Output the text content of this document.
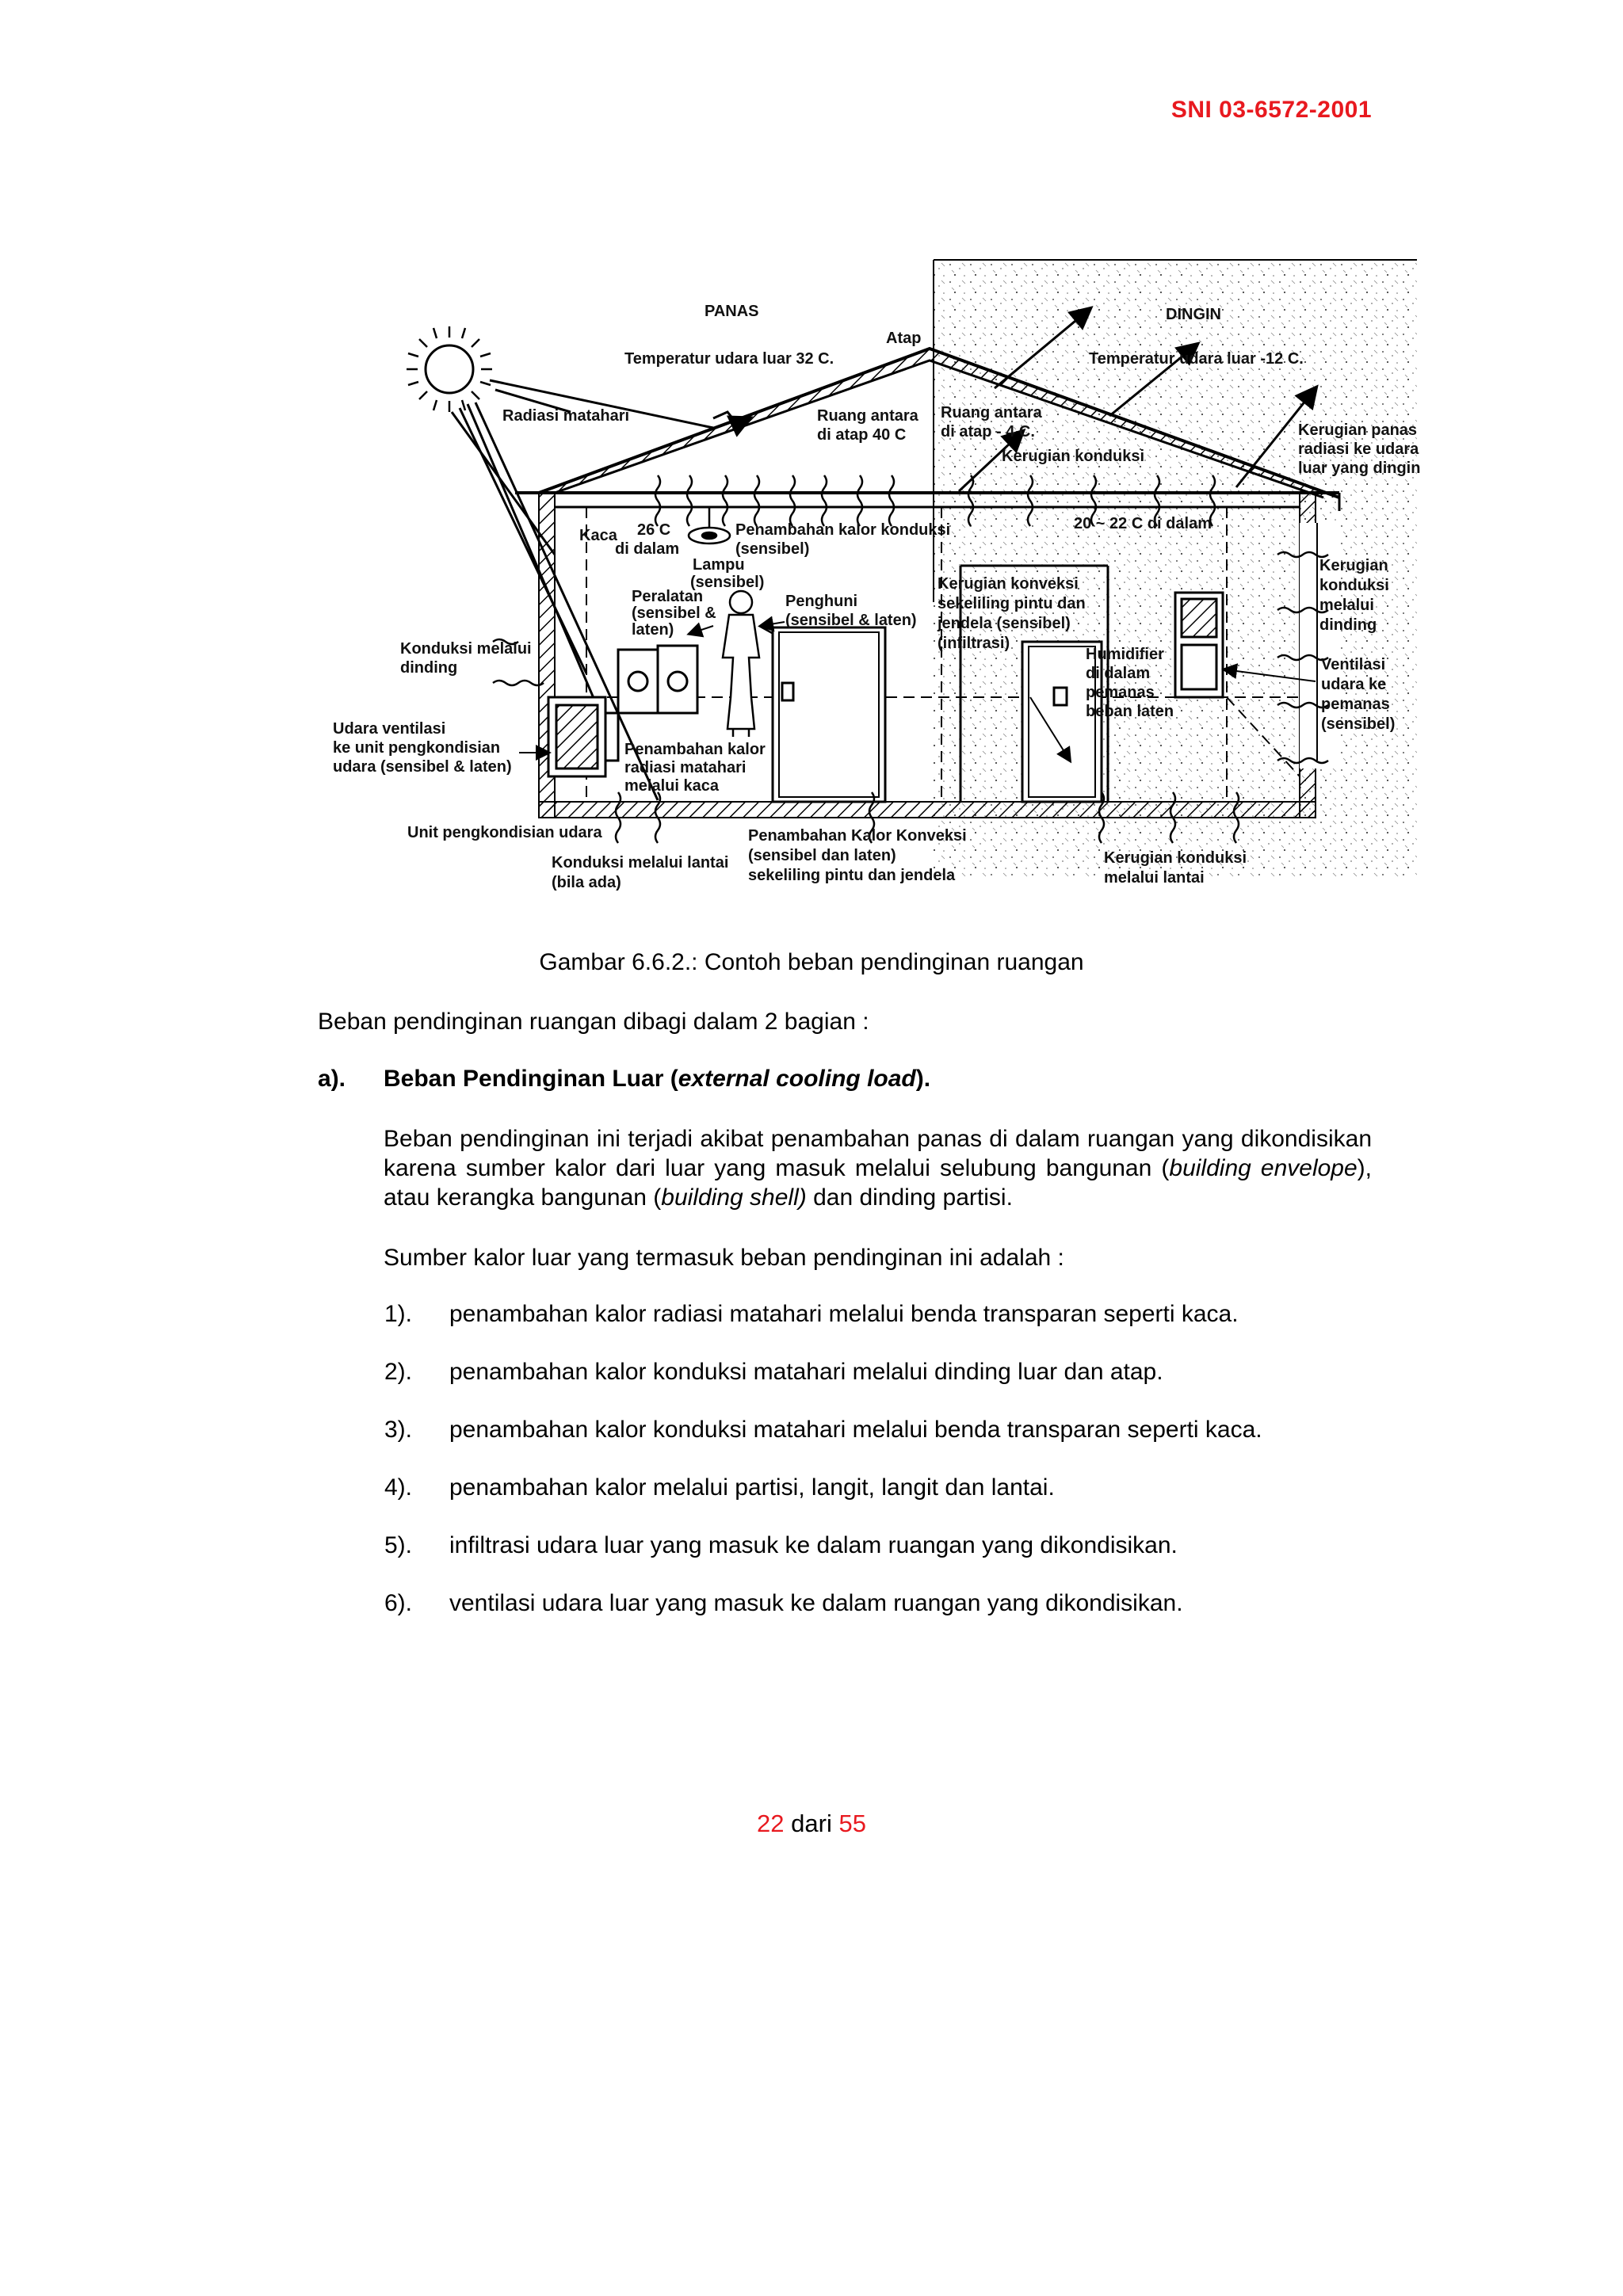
SNI 03-6572-2001
PANAS	DINGIN
Atap
Temperatur udara luar 32 C.	Temperatur udara luar -12 C.
Radiasi matahari	Ruang antara
di atap 40 C
Ruang antara
di atap - 4 C.
Kerugian konduksi
Kerugian panas
radiasi ke udara
luar yang dingin
Kaca 26 C
di dalam
Penambahan kalor konduksi
(sensibel)
20 ~ 22 C di dalam
Lampu
(sensibel)
Peralatan
(sensibel &
laten)
Penghuni
(sensibel & laten)
Kerugian konveksi
sekeliling pintu dan
jendela (sensibel)
(infiltrasi)
Kerugian
konduksi
melalui
dinding
Konduksi melalui
dinding
Humidifier
di dalam
pemanas
beban laten
Ventilasi
udara ke
pemanas
(sensibel)
Udara ventilasi
ke unit pengkondisian
udara (sensibel & laten)
Penambahan kalor
radiasi matahari
melalui kaca
Unit pengkondisian udara	Penambahan Kalor Konveksi
(sensibel dan laten)
sekeliling pintu dan jendela
Konduksi melalui lantai
(bila ada)
Kerugian konduksi
melalui lantai
Gambar 6.6.2.: Contoh beban pendinginan ruangan
Beban pendinginan ruangan dibagi dalam 2 bagian :
a). Beban Pendinginan Luar (external cooling load).
Beban pendinginan ini terjadi akibat penambahan panas di dalam ruangan yang dikondisikan karena sumber kalor dari luar yang masuk melalui selubung bangunan (building envelope), atau kerangka bangunan (building shell) dan dinding partisi.
Sumber kalor luar yang termasuk beban pendinginan ini adalah :
1). penambahan kalor radiasi matahari melalui benda transparan seperti kaca.
2). penambahan kalor konduksi matahari melalui dinding luar dan atap.
3). penambahan kalor konduksi matahari melalui benda transparan seperti kaca.
4). penambahan kalor melalui partisi, langit, langit dan lantai.
5). infiltrasi udara luar yang masuk ke dalam ruangan yang dikondisikan.
6). ventilasi udara luar yang masuk ke dalam ruangan yang dikondisikan.
22 dari 55
